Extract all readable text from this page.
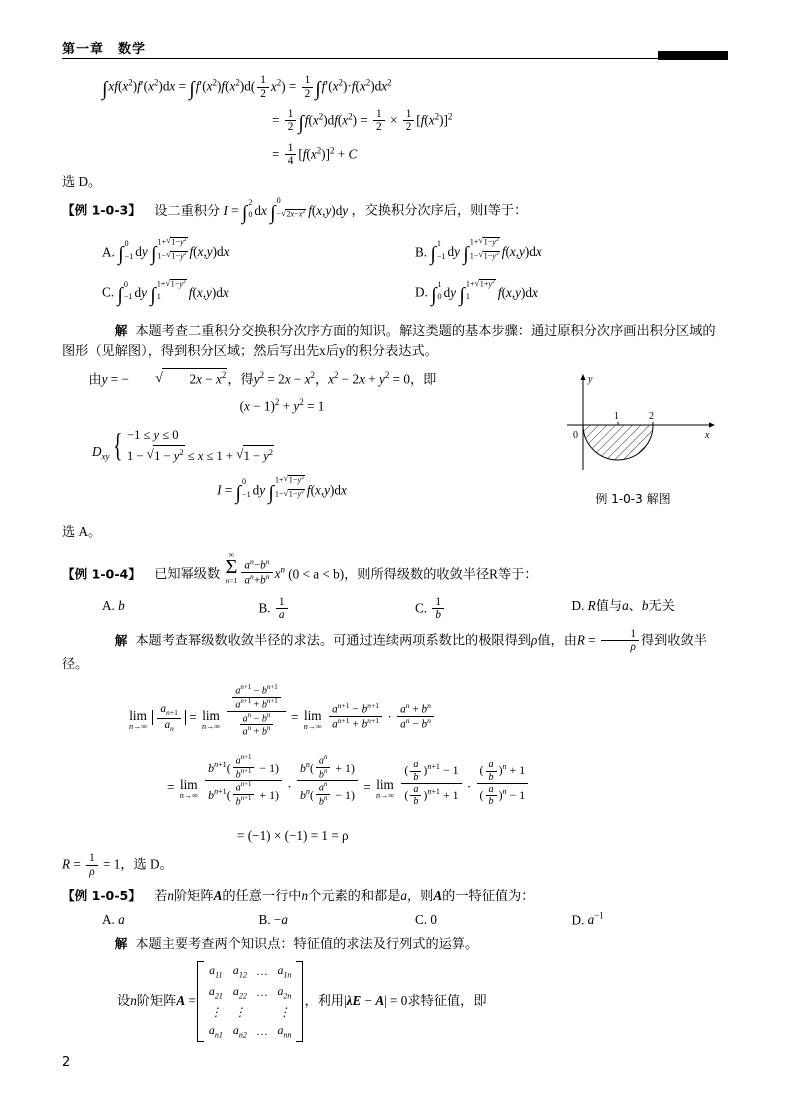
第一章　数学
$\int xf(x^2)f'(x^2)dx = \int f'(x^2)f(x^2)d( \frac{1}{2} x^2) = \frac{1}{2} \int f'(x^2)\cdot f(x^2)dx^2$
= $\frac{1}{2} \int f(x^2)df(x^2) = \frac{1}{2} \times \frac{1}{2} [f(x^2)]^2$
= $\frac{1}{4} [f(x^2)]^2 + C$
选 D。
【例 1-0-3】 设二重积分 I = ∫ 2
0 dx ∫
0
− √ $2x-x^2$ f(x,y)dy ，交换积分次序后，则I等于：
A. ∫ 0
−1 dy ∫
1+ √ $1-y^2$
1− √ $1-y^2$ f(x,y)dx	B. ∫ 1
−1 dy ∫
1+ √ $1-y^2$
1− √ $1-y^2$ f(x,y)dx
C. ∫ 0
−1 dy ∫ 1+ √ $1-y^2$
1	f(x,y)dx	D. ∫ 1
0 dy ∫ 1+ √ $1+y^2$
1	f(x,y)dx
解 本题考查二重积分交换积分次序方面的知识。解这类题的基本步骤：通过原积分次序画出积分区域的图形（见解图），得到积分区域；然后写出先x后y的积分表达式。
由y = −	√ $2x - x^2$，得$y^2 = 2x - x^2$，$x^2 - 2x + y^2 = 0$，即
$(x - 1)^2 + y^2 = 1$
$D_{xy}$ { −1 ≤ y ≤ 0
1 − √ $1 - y^2 \le x \le 1$ + √ $1 - y^2$
I = ∫ 0
−1 dy ∫
1+ √ $1-y^2$
1− √ $1-y^2$ f(x,y)dx
选 A。
【例 1-0-4】 已知幂级数
∞
Σ
$n=1 \frac{a^n-b^n}{a^n+b^n} x^n$ (0 < a < b)，则所得级数的收敛半径R等于：
A. b	B. $\frac{1}{a}$	C. $\frac{1}{b}$	D. R值与a、b无关
解 本题考查幂级数收敛半径的求法。可通过连续两项系数比的极限得到ρ值，由$R = \frac{1}{\rho}$ 得到收敛半径。
lim
n→∞
$\frac{a_{n+1}}{a_n} = \lim$
n→∞
$\frac{\frac{a^{n+1} - b^{n+1}}{a^{n+1} + b^{n+1}}}{\frac{a^n - b^n}{a^n + b^n}} = \lim$
n→∞
$\frac{a^{n+1} - b^{n+1}}{a^{n+1} + b^{n+1}} \cdot \frac{a^n + b^n}{a^n - b^n}$
= lim
n→∞
$\frac{b^{n+1}( \frac{a^{n+1}}{b^{n+1}} - 1)}{b^{n+1}( \frac{a^{n+1}}{b^{n+1}} + 1)} \cdot \frac{b^n( \frac{a^n}{b^n} + 1)}{b^n( \frac{a^n}{b^n} - 1)} = \lim$
n→∞
$\frac{( \frac{a}{b} )^{n+1} - 1}{( \frac{a}{b} )^{n+1} + 1} \cdot \frac{( \frac{a}{b} )^n + 1}{( \frac{a}{b} )^n - 1}$
= (−1) × (−1) = 1 = ρ
$R = \frac{1}{\rho} = 1$，选 D。
【例 1-0-5】 若n阶矩阵A的任意一行中n个元素的和都是a，则A的一特征值为：
A. a	B. −a	C. 0	D. $a^{-1}$
解 本题主要考查两个知识点：特征值的求法及行列式的运算。
设n阶矩阵A =
$a_{11}$	$a_{12}$	…	$a_{1n}$
$a_{21}$	$a_{22}$	…	$a_{2n}$
⋮	⋮		⋮
$a_{n1}$	$a_{n2}$	…	$a_{nn}$
，利用|λE − A| = 0求特征值，即
y
x
1	2
0
例 1-0-3 解图
2
